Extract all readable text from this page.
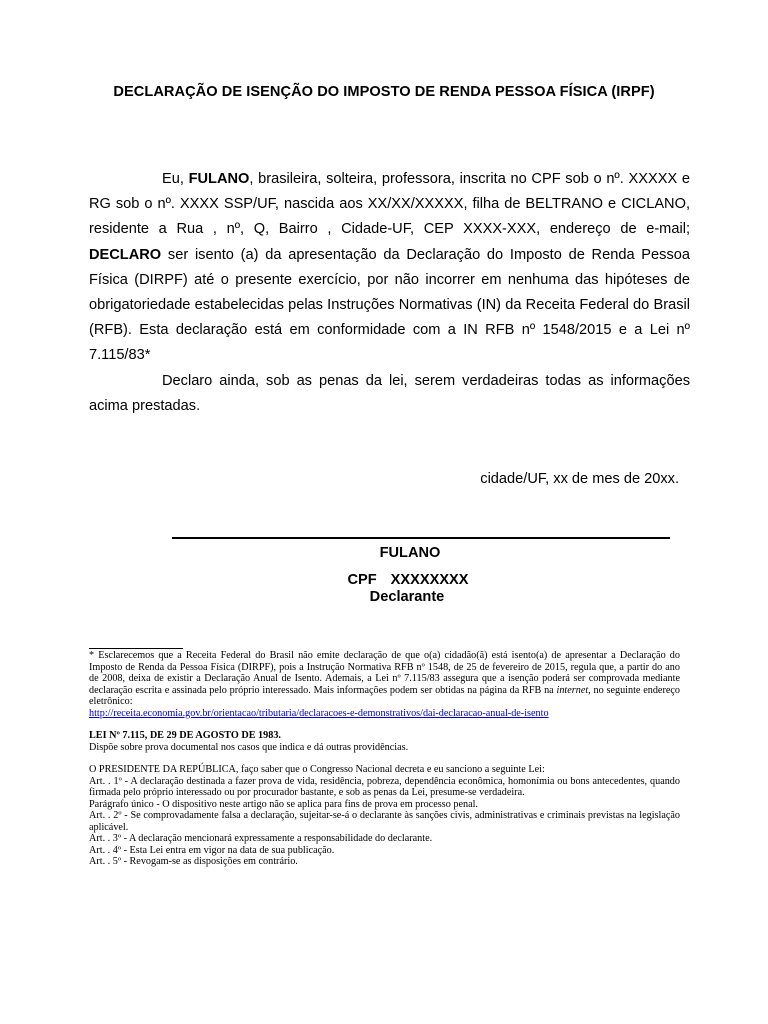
DECLARAÇÃO DE ISENÇÃO DO IMPOSTO DE RENDA PESSOA FÍSICA (IRPF)

Eu, FULANO, brasileira, solteira, professora, inscrita no CPF sob o nº. XXXXX e RG sob o nº. XXXX SSP/UF, nascida aos XX/XX/XXXXX, filha de BELTRANO e CICLANO, residente a Rua , nº, Q, Bairro , Cidade-UF, CEP XXXX-XXX, endereço de e-mail; DECLARO ser isento (a) da apresentação da Declaração do Imposto de Renda Pessoa Física (DIRPF) até o presente exercício, por não incorrer em nenhuma das hipóteses de obrigatoriedade estabelecidas pelas Instruções Normativas (IN) da Receita Federal do Brasil (RFB). Esta declaração está em conformidade com a IN RFB nº 1548/2015 e a Lei nº 7.115/83*

Declaro ainda, sob as penas da lei, serem verdadeiras todas as informações acima prestadas.

cidade/UF, xx de mes de 20xx.
FULANO
CPF XXXXXXXX
Declarante

* Esclarecemos que a Receita Federal do Brasil não emite declaração de que o(a) cidadão(ã) está isento(a) de apresentar a Declaração do Imposto de Renda da Pessoa Física (DIRPF), pois a Instrução Normativa RFB nº 1548, de 25 de fevereiro de 2015, regula que, a partir do ano de 2008, deixa de existir a Declaração Anual de Isento. Ademais, a Lei nº 7.115/83 assegura que a isenção poderá ser comprovada mediante declaração escrita e assinada pelo próprio interessado. Mais informações podem ser obtidas na página da RFB na internet, no seguinte endereço eletrônico:

http://receita.economia.gov.br/orientacao/tributaria/declaracoes-e-demonstrativos/dai-declaracao-anual-de-isento

LEI Nº 7.115, DE 29 DE AGOSTO DE 1983.

Dispõe sobre prova documental nos casos que indica e dá outras providências.

O PRESIDENTE DA REPÚBLICA, faço saber que o Congresso Nacional decreta e eu sanciono a seguinte Lei:

Art. . 1º - A declaração destinada a fazer prova de vida, residência, pobreza, dependência econômica, homonímia ou bons antecedentes, quando firmada pelo próprio interessado ou por procurador bastante, e sob as penas da Lei, presume-se verdadeira.

Parágrafo único - O dispositivo neste artigo não se aplica para fins de prova em processo penal.

Art. . 2º - Se comprovadamente falsa a declaração, sujeitar-se-á o declarante às sanções civis, administrativas e criminais previstas na legislação aplicável.

Art. . 3º - A declaração mencionará expressamente a responsabilidade do declarante.

Art. . 4º - Esta Lei entra em vigor na data de sua publicação.

Art. . 5º - Revogam-se as disposições em contrário.
